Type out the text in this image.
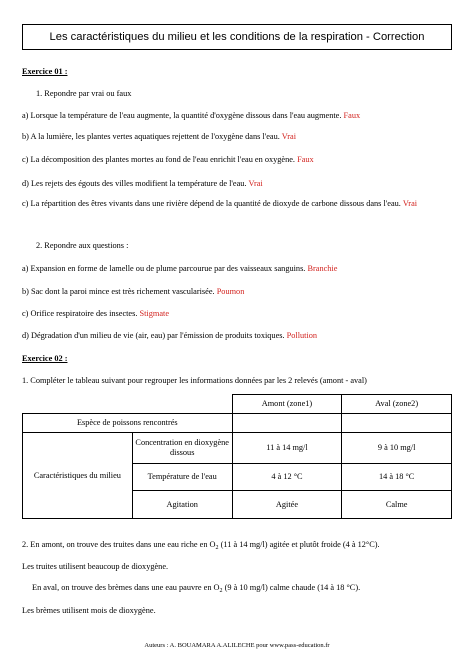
Les caractéristiques du milieu et les conditions de la respiration - Correction
Exercice 01 :
1. Repondre par vrai ou faux
a) Lorsque la température de l'eau augmente, la quantité d'oxygène dissous dans l'eau augmente. Faux
b) A la lumière, les plantes vertes aquatiques rejettent de l'oxygène dans l'eau. Vrai
c) La décomposition des plantes mortes au fond de l'eau enrichit l'eau en oxygène. Faux
d) Les rejets des égouts des villes modifient la température de l'eau. Vrai
c) La répartition des êtres vivants dans une rivière dépend de la quantité de dioxyde de carbone dissous dans l'eau. Vrai
2. Repondre aux questions :
a) Expansion en forme de lamelle ou de plume parcourue par des vaisseaux sanguins. Branchie
b) Sac dont la paroi mince est très richement vascularisée. Poumon
c) Orifice respiratoire des insectes. Stigmate
d) Dégradation d'un milieu de vie (air, eau) par l'émission de produits toxiques. Pollution
Exercice 02 :
1. Compléter le tableau suivant pour regrouper les informations données par les 2 relevés (amont - aval)
		Amont (zone1)	Aval (zone2)
Espèce de poissons rencontrés			
Caractéristiques du milieu	Concentration en dioxygène dissous	11 à 14 mg/l	9 à 10 mg/l
	Température de l'eau	4 à 12 °C	14 à 18 °C
	Agitation	Agitée	Calme
2. En amont, on trouve des truites dans une eau riche en $O_2$ (11 à 14 mg/l) agitée et plutôt froide (4 à 12°C).
Les truites utilisent beaucoup de dioxygène.
En aval, on trouve des brèmes dans une eau pauvre en $O_2$ (9 à 10 mg/l) calme chaude (14 à 18 °C).
Les brèmes utilisent mois de dioxygène.
Auteurs : A. BOUAMARA A.ALILECHE pour www.pass-education.fr
